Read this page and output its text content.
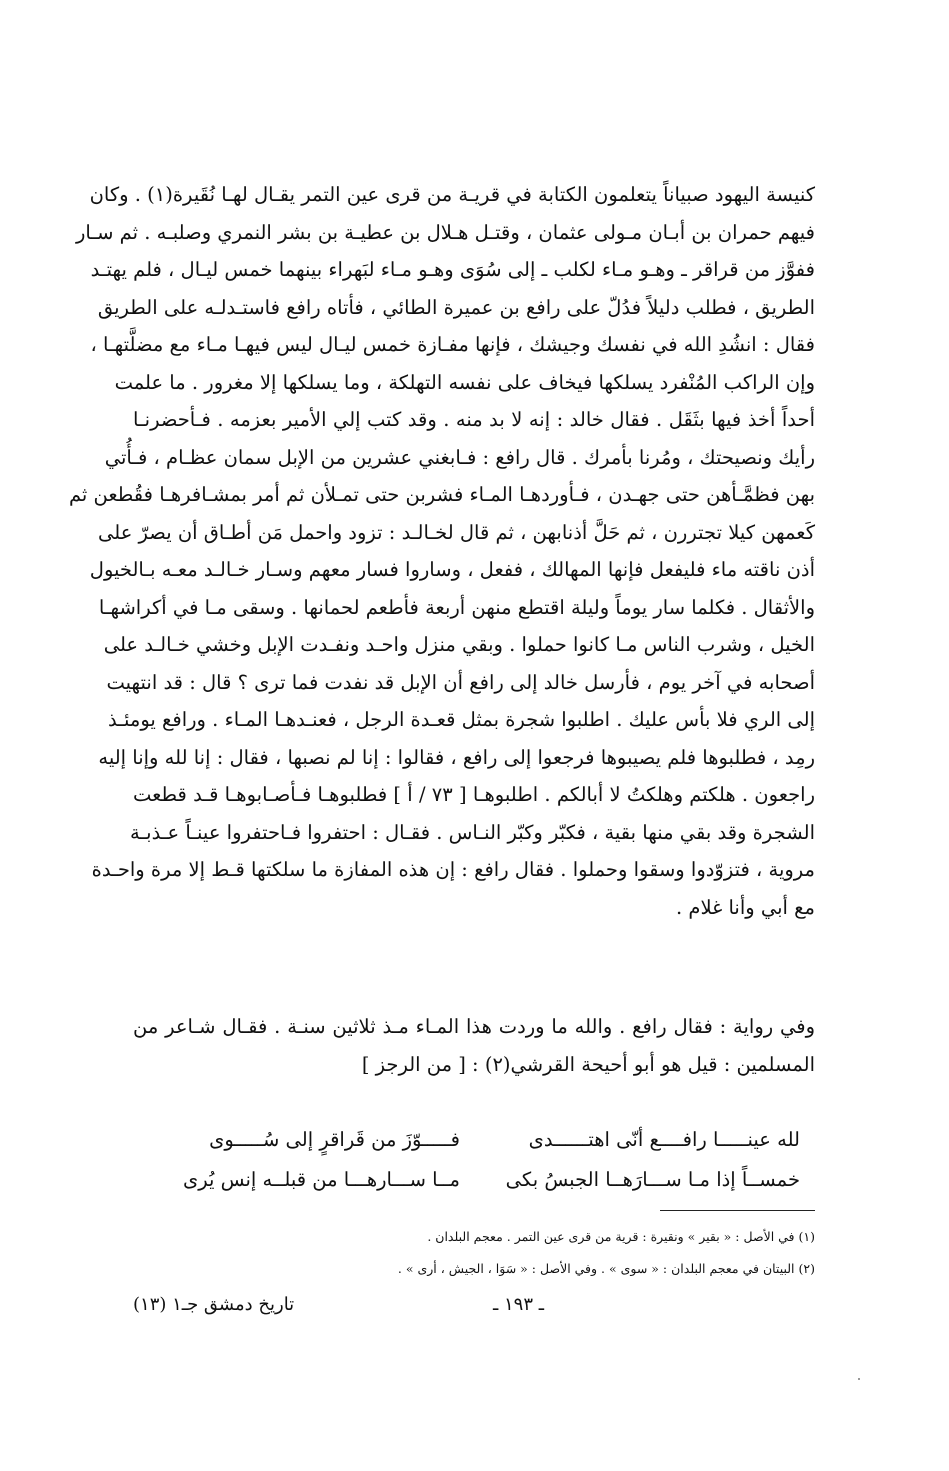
كنيسة اليهود صبياناً يتعلمون الكتابة في قريـة من قرى عين التمر يقـال لهـا نُقَيرة(١) . وكان
فيهم حمران بن أبـان مـولى عثمان ، وقتـل هـلال بن عطيـة بن بشر النمري وصلبـه . ثم سـار
ففوَّز من قراقر ـ وهـو مـاء لكلب ـ إلى سُوَى وهـو مـاء لبَهراء بينهما خمس ليـال ، فلم يهتـد
الطريق ، فطلب دليلاً فدُلّ على رافع بن عميرة الطائي ، فأتاه رافع فاستـدلـه على الطريق
فقال : انشُدِ الله في نفسك وجيشك ، فإنها مفـازة خمس ليـال ليس فيهـا مـاء مع مضلَّتهـا ،
وإن الراكب المُنْفرد يسلكها فيخاف على نفسه التهلكة ، وما يسلكها إلا مغرور . ما علمت
أحداً أخذ فيها بثَقَل . فقال خالد : إنه لا بد منه . وقد كتب إلي الأمير بعزمه . فـأحضرنـا
رأيك ونصيحتك ، ومُرنا بأمرك . قال رافع : فـابغني عشرين من الإبل سمان عظـام ، فـأُتي
بهن فظمَّـأهن حتى جهـدن ، فـأوردهـا المـاء فشربن حتى تمـلأن ثم أمر بمشـافرهـا فقُطعن ثم
كَعمهن كيلا تجتررن ، ثم حَلَّ أذنابهن ، ثم قال لخـالـد : تزود واحمل مَن أطـاق أن يصرّ على
أذن ناقته ماء فليفعل فإنها المهالك ، ففعل ، وساروا فسار معهم وسـار خـالـد معـه بـالخيول
والأثقال . فكلما سار يوماً وليلة اقتطع منهن أربعة فأطعم لحمانها . وسقى مـا في أكراشهـا
الخيل ، وشرب الناس مـا كانوا حملوا . وبقي منزل واحـد ونفـدت الإبل وخشي خـالـد على
أصحابه في آخر يوم ، فأرسل خالد إلى رافع أن الإبل قد نفدت فما ترى ؟ قال : قد انتهيت
إلى الري فلا بأس عليك . اطلبوا شجرة بمثل قعـدة الرجل ، فعنـدهـا المـاء . ورافع يومئـذ
رمِد ، فطلبوها فلم يصيبوها فرجعوا إلى رافع ، فقالوا : إنا لم نصبها ، فقال : إنا لله وإنا إليه
راجعون . هلكتم وهلكتُ لا أبالكم . اطلبوهـا [ ٧٣ / أ ] فطلبوهـا فـأصـابوهـا قـد قطعت
الشجرة وقد بقي منها بقية ، فكبّر وكبّر النـاس . فقـال : احتفروا فـاحتفروا عينـاً عـذبـة
مروية ، فتزوّدوا وسقوا وحملوا . فقال رافع : إن هذه المفازة ما سلكتها قـط إلا مرة واحـدة
مع أبي وأنا غلام .
وفي رواية : فقال رافع . والله ما وردت هذا المـاء مـذ ثلاثين سنـة . فقـال شـاعر من
المسلمين : قيل هو أبو أحيحة القرشي(٢) : [ من الرجز ]
لله عينـــــا رافــــع أنّى اهتــــــدى
فـــــوّزَ من قَراقرٍ إلى سُـــــوى
خمســاً إذا مـا ســـارَهــا الجبسُ بكى
مــا ســـارهـــا من قبلــه إنس يُرى
(١) في الأصل : « بقير » ونقيرة : قرية من قرى عين التمر . معجم البلدان .
(٢) البيتان في معجم البلدان : « سوى » . وفي الأصل : « سَوَا ، الجيش ، أرى » .
ـ ١٩٣ ـ
تاريخ دمشق جـ١ (١٣)
